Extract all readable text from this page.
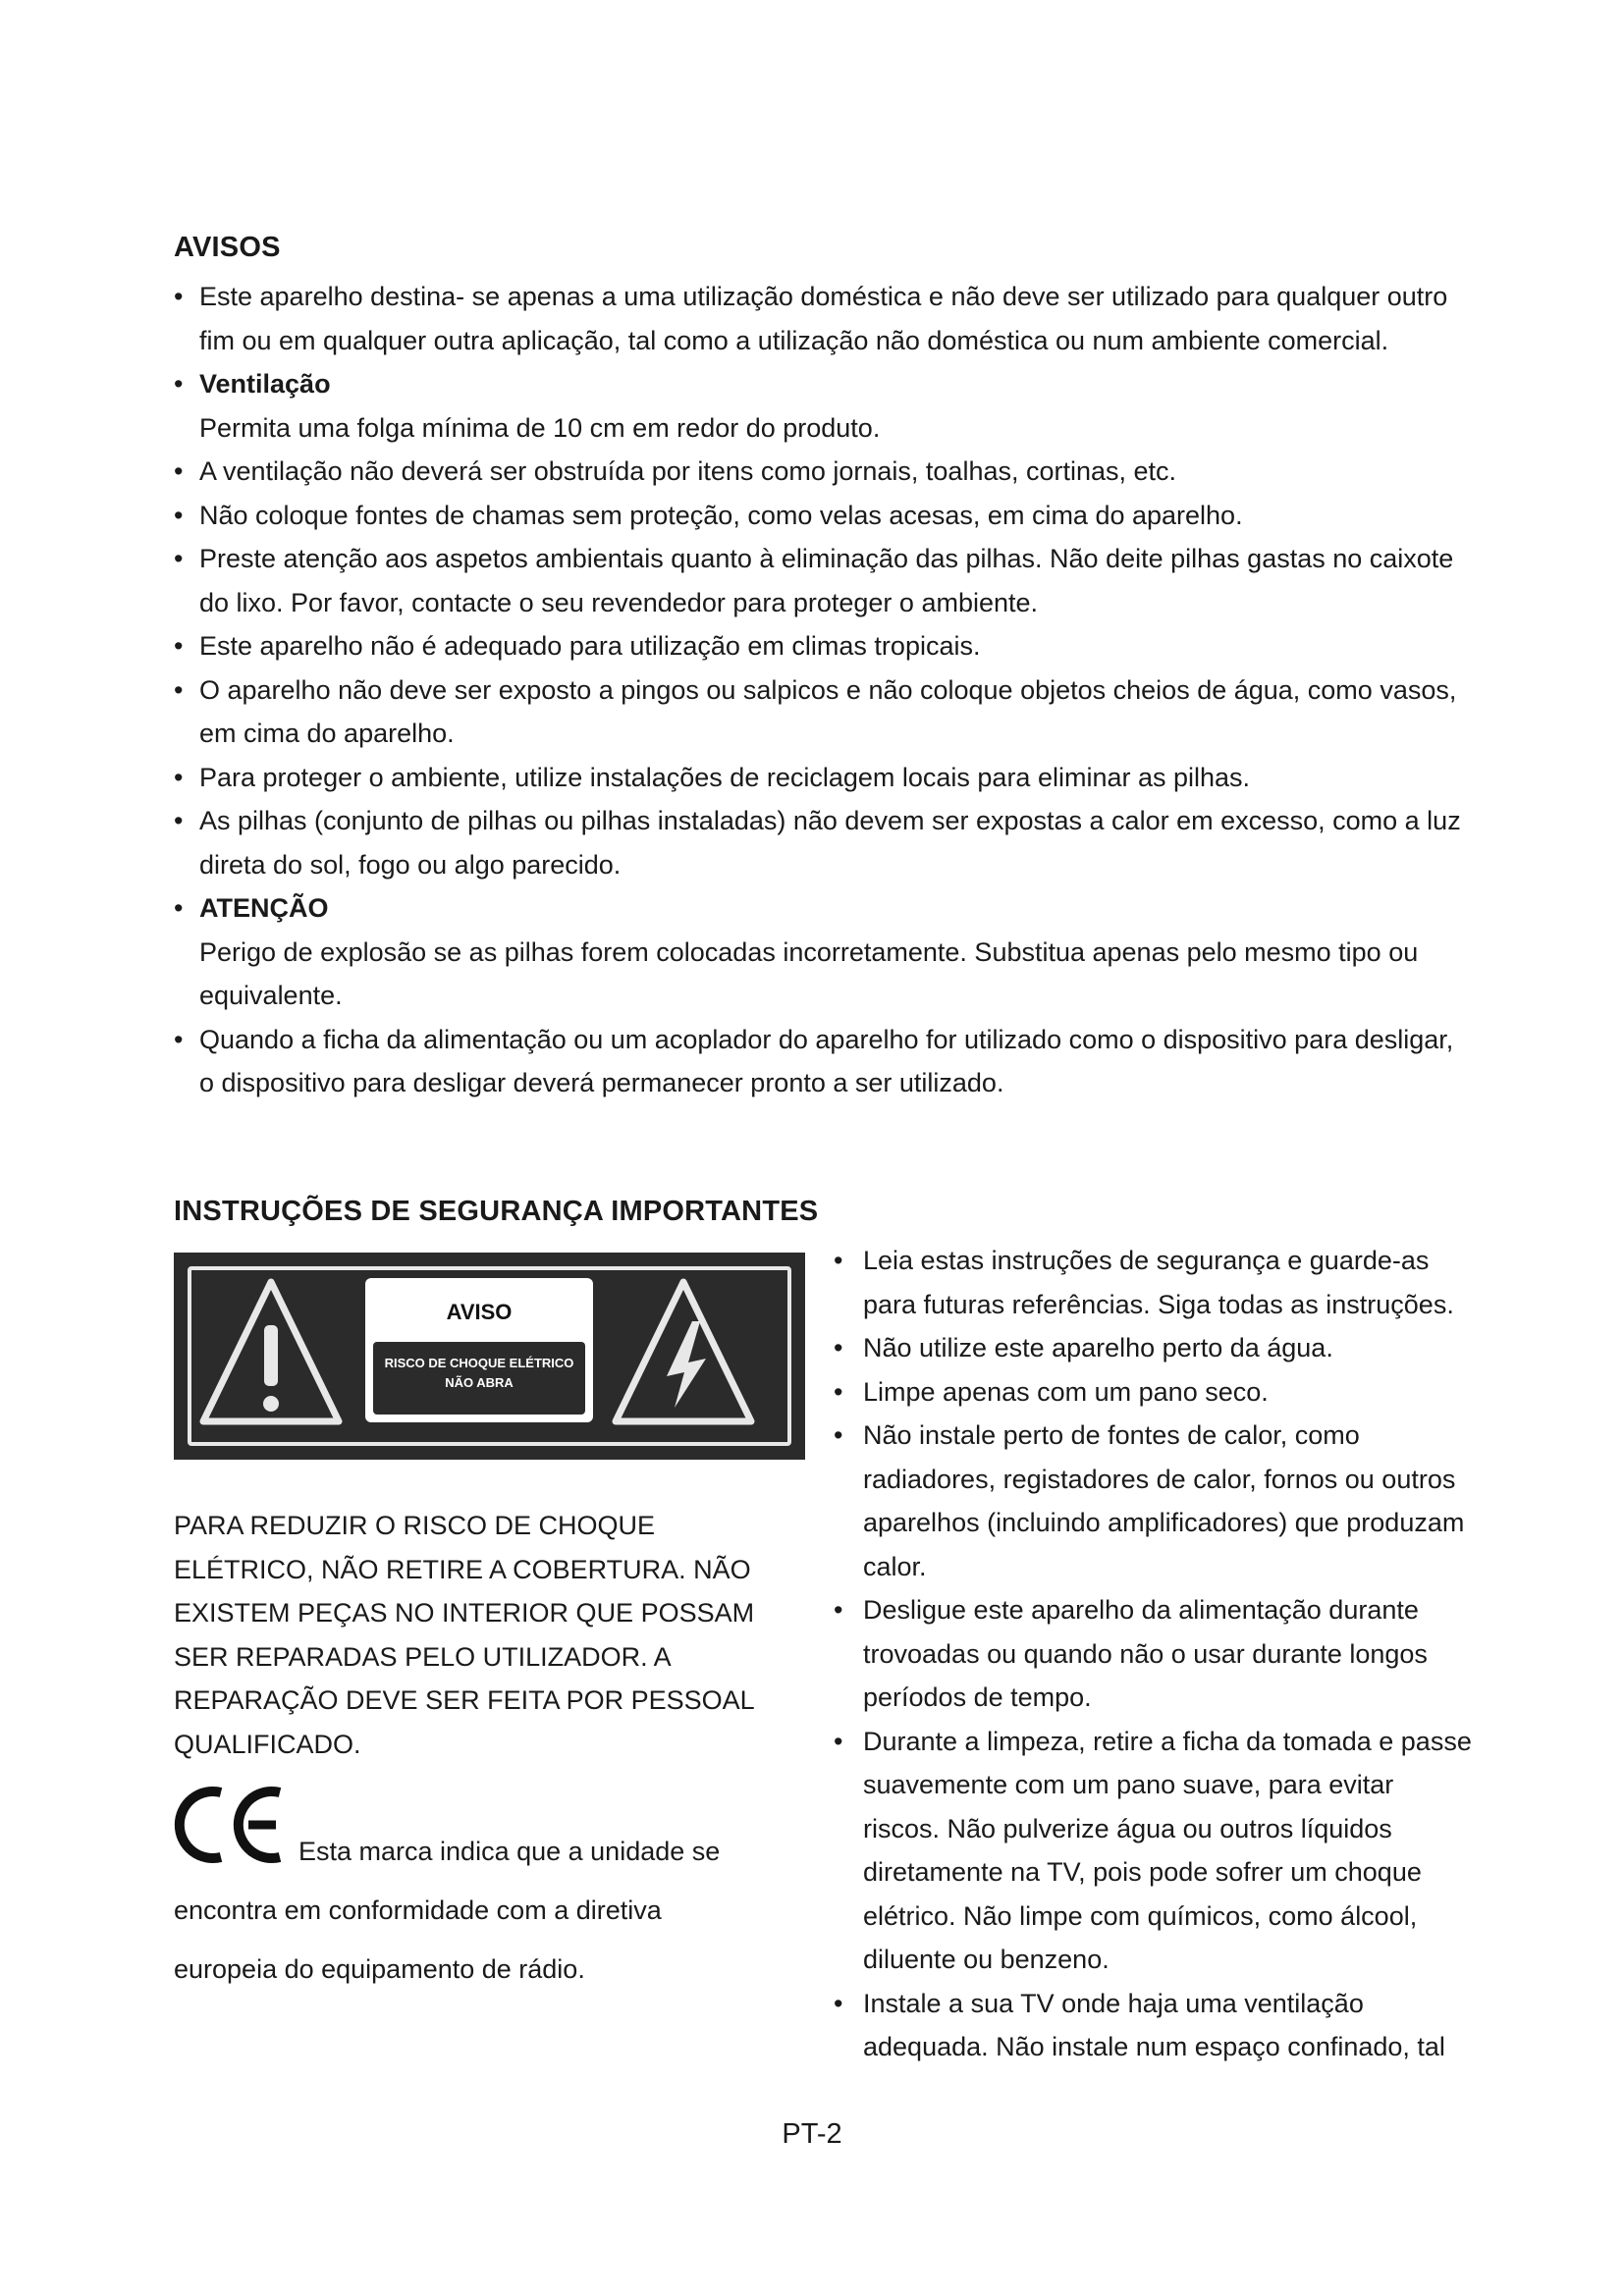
AVISOS
• Este aparelho destina- se apenas a uma utilização doméstica e não deve ser utilizado para qualquer outro fim ou em qualquer outra aplicação, tal como a utilização não doméstica ou num ambiente comercial.
• Ventilação
Permita uma folga mínima de 10 cm em redor do produto.
• A ventilação não deverá ser obstruída por itens como jornais, toalhas, cortinas, etc.
• Não coloque fontes de chamas sem proteção, como velas acesas, em cima do aparelho.
• Preste atenção aos aspetos ambientais quanto à eliminação das pilhas. Não deite pilhas gastas no caixote do lixo. Por favor, contacte o seu revendedor para proteger o ambiente.
• Este aparelho não é adequado para utilização em climas tropicais.
• O aparelho não deve ser exposto a pingos ou salpicos e não coloque objetos cheios de água, como vasos, em cima do aparelho.
• Para proteger o ambiente, utilize instalações de reciclagem locais para eliminar as pilhas.
• As pilhas (conjunto de pilhas ou pilhas instaladas) não devem ser expostas a calor em excesso, como a luz direta do sol, fogo ou algo parecido.
• ATENÇÃO
Perigo de explosão se as pilhas forem colocadas incorretamente. Substitua apenas pelo mesmo tipo ou equivalente.
• Quando a ficha da alimentação ou um acoplador do aparelho for utilizado como o dispositivo para desligar, o dispositivo para desligar deverá permanecer pronto a ser utilizado.
INSTRUÇÕES DE SEGURANÇA IMPORTANTES
AVISO
RISCO DE CHOQUE ELÉTRICO
NÃO ABRA

PARA REDUZIR O RISCO DE CHOQUE ELÉTRICO, NÃO RETIRE A COBERTURA. NÃO EXISTEM PEÇAS NO INTERIOR QUE POSSAM SER REPARADAS PELO UTILIZADOR. A REPARAÇÃO DEVE SER FEITA POR PESSOAL QUALIFICADO.

Esta marca indica que a unidade se
encontra em conformidade com a diretiva
europeia do equipamento de rádio.
• Leia estas instruções de segurança e guarde-as para futuras referências. Siga todas as instruções.
• Não utilize este aparelho perto da água.
• Limpe apenas com um pano seco.
• Não instale perto de fontes de calor, como radiadores, registadores de calor, fornos ou outros aparelhos (incluindo amplificadores) que produzam calor.
• Desligue este aparelho da alimentação durante trovoadas ou quando não o usar durante longos períodos de tempo.
• Durante a limpeza, retire a ficha da tomada e passe suavemente com um pano suave, para evitar riscos. Não pulverize água ou outros líquidos diretamente na TV, pois pode sofrer um choque elétrico. Não limpe com químicos, como álcool, diluente ou benzeno.
• Instale a sua TV onde haja uma ventilação adequada. Não instale num espaço confinado, tal
PT-2
